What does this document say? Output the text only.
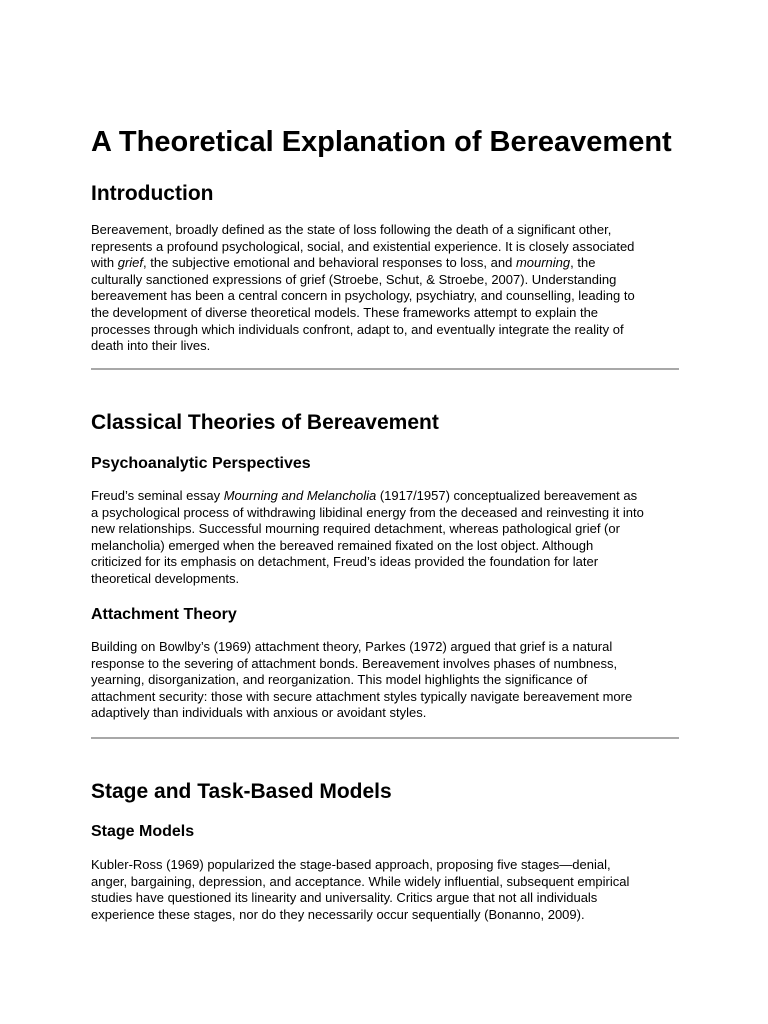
A Theoretical Explanation of Bereavement
Introduction

Bereavement, broadly defined as the state of loss following the death of a significant other,
represents a profound psychological, social, and existential experience. It is closely associated
with grief, the subjective emotional and behavioral responses to loss, and mourning, the
culturally sanctioned expressions of grief (Stroebe, Schut, & Stroebe, 2007). Understanding
bereavement has been a central concern in psychology, psychiatry, and counselling, leading to
the development of diverse theoretical models. These frameworks attempt to explain the
processes through which individuals confront, adapt to, and eventually integrate the reality of
death into their lives.

Classical Theories of Bereavement
Psychoanalytic Perspectives

Freud’s seminal essay Mourning and Melancholia (1917/1957) conceptualized bereavement as
a psychological process of withdrawing libidinal energy from the deceased and reinvesting it into
new relationships. Successful mourning required detachment, whereas pathological grief (or
melancholia) emerged when the bereaved remained fixated on the lost object. Although
criticized for its emphasis on detachment, Freud’s ideas provided the foundation for later
theoretical developments.

Attachment Theory

Building on Bowlby’s (1969) attachment theory, Parkes (1972) argued that grief is a natural
response to the severing of attachment bonds. Bereavement involves phases of numbness,
yearning, disorganization, and reorganization. This model highlights the significance of
attachment security: those with secure attachment styles typically navigate bereavement more
adaptively than individuals with anxious or avoidant styles.

Stage and Task-Based Models
Stage Models

Kubler-Ross (1969) popularized the stage-based approach, proposing five stages—denial,
anger, bargaining, depression, and acceptance. While widely influential, subsequent empirical
studies have questioned its linearity and universality. Critics argue that not all individuals
experience these stages, nor do they necessarily occur sequentially (Bonanno, 2009).
